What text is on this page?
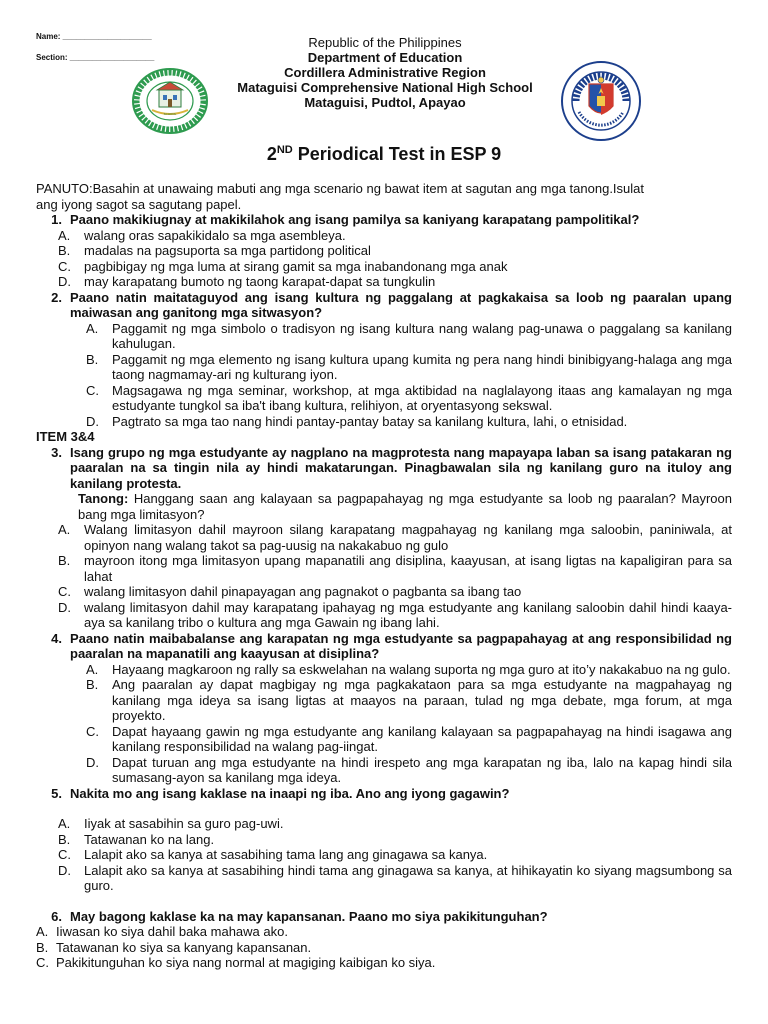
Name: ____________________
Section: ___________________
SCHOOL
Republic of the Philippines
Department of Education
Cordillera Administrative Region
Mataguisi Comprehensive National High School
Mataguisi, Pudtol, Apayao
2ND Periodical Test in ESP 9
PANUTO:Basahin at unawaing mabuti ang mga scenario ng bawat item at sagutan ang mga tanong.Isulat
ang iyong sagot sa sagutang papel.
1. Paano makikiugnay at makikilahok ang isang pamilya sa kaniyang karapatang pampolitikal?
A.	walang oras sapakikidalo sa mga asembleya.
B.	madalas na pagsuporta sa mga partidong political
C.	pagbibigay ng mga luma at sirang gamit sa mga inabandonang mga anak
D.	may karapatang bumoto ng taong karapat-dapat sa tungkulin
2. Paano natin maitataguyod ang isang kultura ng paggalang at pagkakaisa sa loob ng paaralan upang maiwasan ang ganitong mga sitwasyon?
A.	Paggamit ng mga simbolo o tradisyon ng isang kultura nang walang pag-unawa o paggalang sa kanilang kahulugan.
B.	Paggamit ng mga elemento ng isang kultura upang kumita ng pera nang hindi binibigyang-halaga ang mga taong nagmamay-ari ng kulturang iyon.
C.	Magsagawa ng mga seminar, workshop, at mga aktibidad na naglalayong itaas ang kamalayan ng mga estudyante tungkol sa iba't ibang kultura, relihiyon, at oryentasyong sekswal.
D.	Pagtrato sa mga tao nang hindi pantay-pantay batay sa kanilang kultura, lahi, o etnisidad.
ITEM 3&4
3. Isang grupo ng mga estudyante ay nagplano na magprotesta nang mapayapa laban sa isang patakaran ng paaralan na sa tingin nila ay hindi makatarungan. Pinagbawalan sila ng kanilang guro na ituloy ang kanilang protesta.
Tanong: Hanggang saan ang kalayaan sa pagpapahayag ng mga estudyante sa loob ng paaralan? Mayroon bang mga limitasyon?
A.	Walang limitasyon dahil mayroon silang karapatang magpahayag ng kanilang mga saloobin, paniniwala, at opinyon nang walang takot sa pag-uusig na nakakabuo ng gulo
B.	mayroon itong mga limitasyon upang mapanatili ang disiplina, kaayusan, at isang ligtas na kapaligiran para sa lahat
C.	walang limitasyon dahil pinapayagan ang pagnakot o pagbanta sa ibang tao
D.	walang limitasyon dahil may karapatang ipahayag ng mga estudyante ang kanilang saloobin dahil hindi kaaya-aya sa kanilang tribo o kultura ang mga Gawain ng ibang lahi.
4. Paano natin maibabalanse ang karapatan ng mga estudyante sa pagpapahayag at ang responsibilidad ng paaralan na mapanatili ang kaayusan at disiplina?
A.	Hayaang magkaroon ng rally sa eskwelahan na walang suporta ng mga guro at ito’y nakakabuo na ng gulo.
B.	Ang paaralan ay dapat magbigay ng mga pagkakataon para sa mga estudyante na magpahayag ng kanilang mga ideya sa isang ligtas at maayos na paraan, tulad ng mga debate, mga forum, at mga proyekto.
C.	Dapat hayaang gawin ng mga estudyante ang kanilang kalayaan sa pagpapahayag na hindi isagawa ang kanilang responsibilidad na walang pag-iingat.
D.	Dapat turuan ang mga estudyante na hindi irespeto ang mga karapatan ng iba, lalo na kapag hindi sila sumasang-ayon sa kanilang mga ideya.
5. Nakita mo ang isang kaklase na inaapi ng iba. Ano ang iyong gagawin?
A.	Iiyak at sasabihin sa guro pag-uwi.
B.	Tatawanan ko na lang.
C.	Lalapit ako sa kanya at sasabihing tama lang ang ginagawa sa kanya.
D.	Lalapit ako sa kanya at sasabihing hindi tama ang ginagawa sa kanya, at hihikayatin ko siyang magsumbong sa guro.
6. May bagong kaklase ka na may kapansanan. Paano mo siya pakikitunguhan?
A. Iiwasan ko siya dahil baka mahawa ako.
B. Tatawanan ko siya sa kanyang kapansanan.
C. Pakikitunguhan ko siya nang normal at magiging kaibigan ko siya.
